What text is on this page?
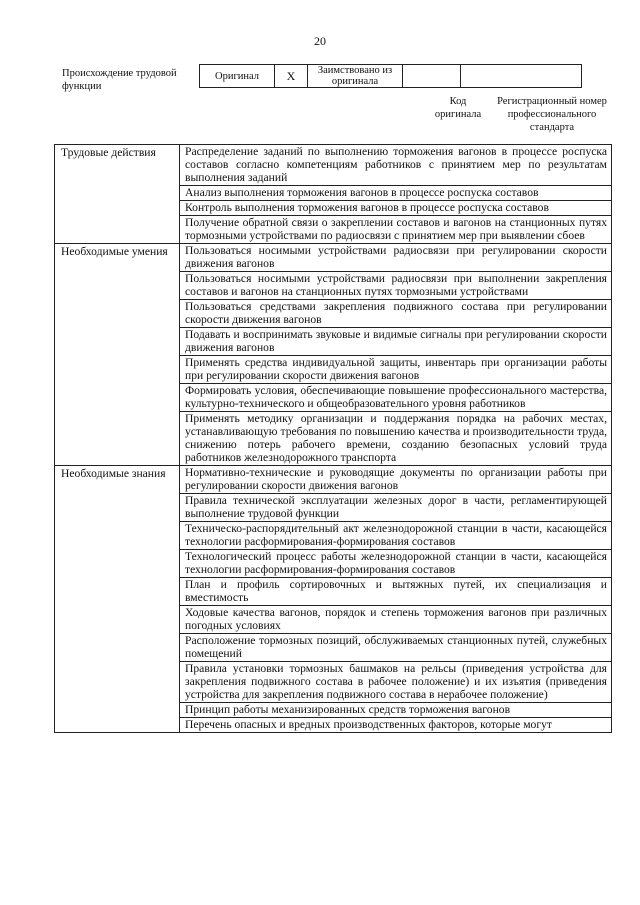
20
Происхождение трудовой функции
Оригинал	X	Заимствовано из оригинала		
Код оригинала
Регистрационный номер профессионального стандарта
Трудовые действия	Распределение заданий по выполнению торможения вагонов в процессе роспуска составов согласно компетенциям работников с принятием мер по результатам выполнения заданий
	Анализ выполнения торможения вагонов в процессе роспуска составов
	Контроль выполнения торможения вагонов в процессе роспуска составов
	Получение обратной связи о закреплении составов и вагонов на станционных путях тормозными устройствами по радиосвязи с принятием мер при выявлении сбоев
Необходимые умения	Пользоваться носимыми устройствами радиосвязи при регулировании скорости движения вагонов
	Пользоваться носимыми устройствами радиосвязи при выполнении закрепления составов и вагонов на станционных путях тормозными устройствами
	Пользоваться средствами закрепления подвижного состава при регулировании скорости движения вагонов
	Подавать и воспринимать звуковые и видимые сигналы при регулировании скорости движения вагонов
	Применять средства индивидуальной защиты, инвентарь при организации работы при регулировании скорости движения вагонов
	Формировать условия, обеспечивающие повышение профессионального мастерства, культурно-технического и общеобразовательного уровня работников
	Применять методику организации и поддержания порядка на рабочих местах, устанавливающую требования по повышению качества и производительности труда, снижению потерь рабочего времени, созданию безопасных условий труда работников железнодорожного транспорта
Необходимые знания	Нормативно-технические и руководящие документы по организации работы при регулировании скорости движения вагонов
	Правила технической эксплуатации железных дорог в части, регламентирующей выполнение трудовой функции
	Техническо-распорядительный акт железнодорожной станции в части, касающейся технологии расформирования-формирования составов
	Технологический процесс работы железнодорожной станции в части, касающейся технологии расформирования-формирования составов
	План и профиль сортировочных и вытяжных путей, их специализация и вместимость
	Ходовые качества вагонов, порядок и степень торможения вагонов при различных погодных условиях
	Расположение тормозных позиций, обслуживаемых станционных путей, служебных помещений
	Правила установки тормозных башмаков на рельсы (приведения устройства для закрепления подвижного состава в рабочее положение) и их изъятия (приведения устройства для закрепления подвижного состава в нерабочее положение)
	Принцип работы механизированных средств торможения вагонов
	Перечень опасных и вредных производственных факторов, которые могут
